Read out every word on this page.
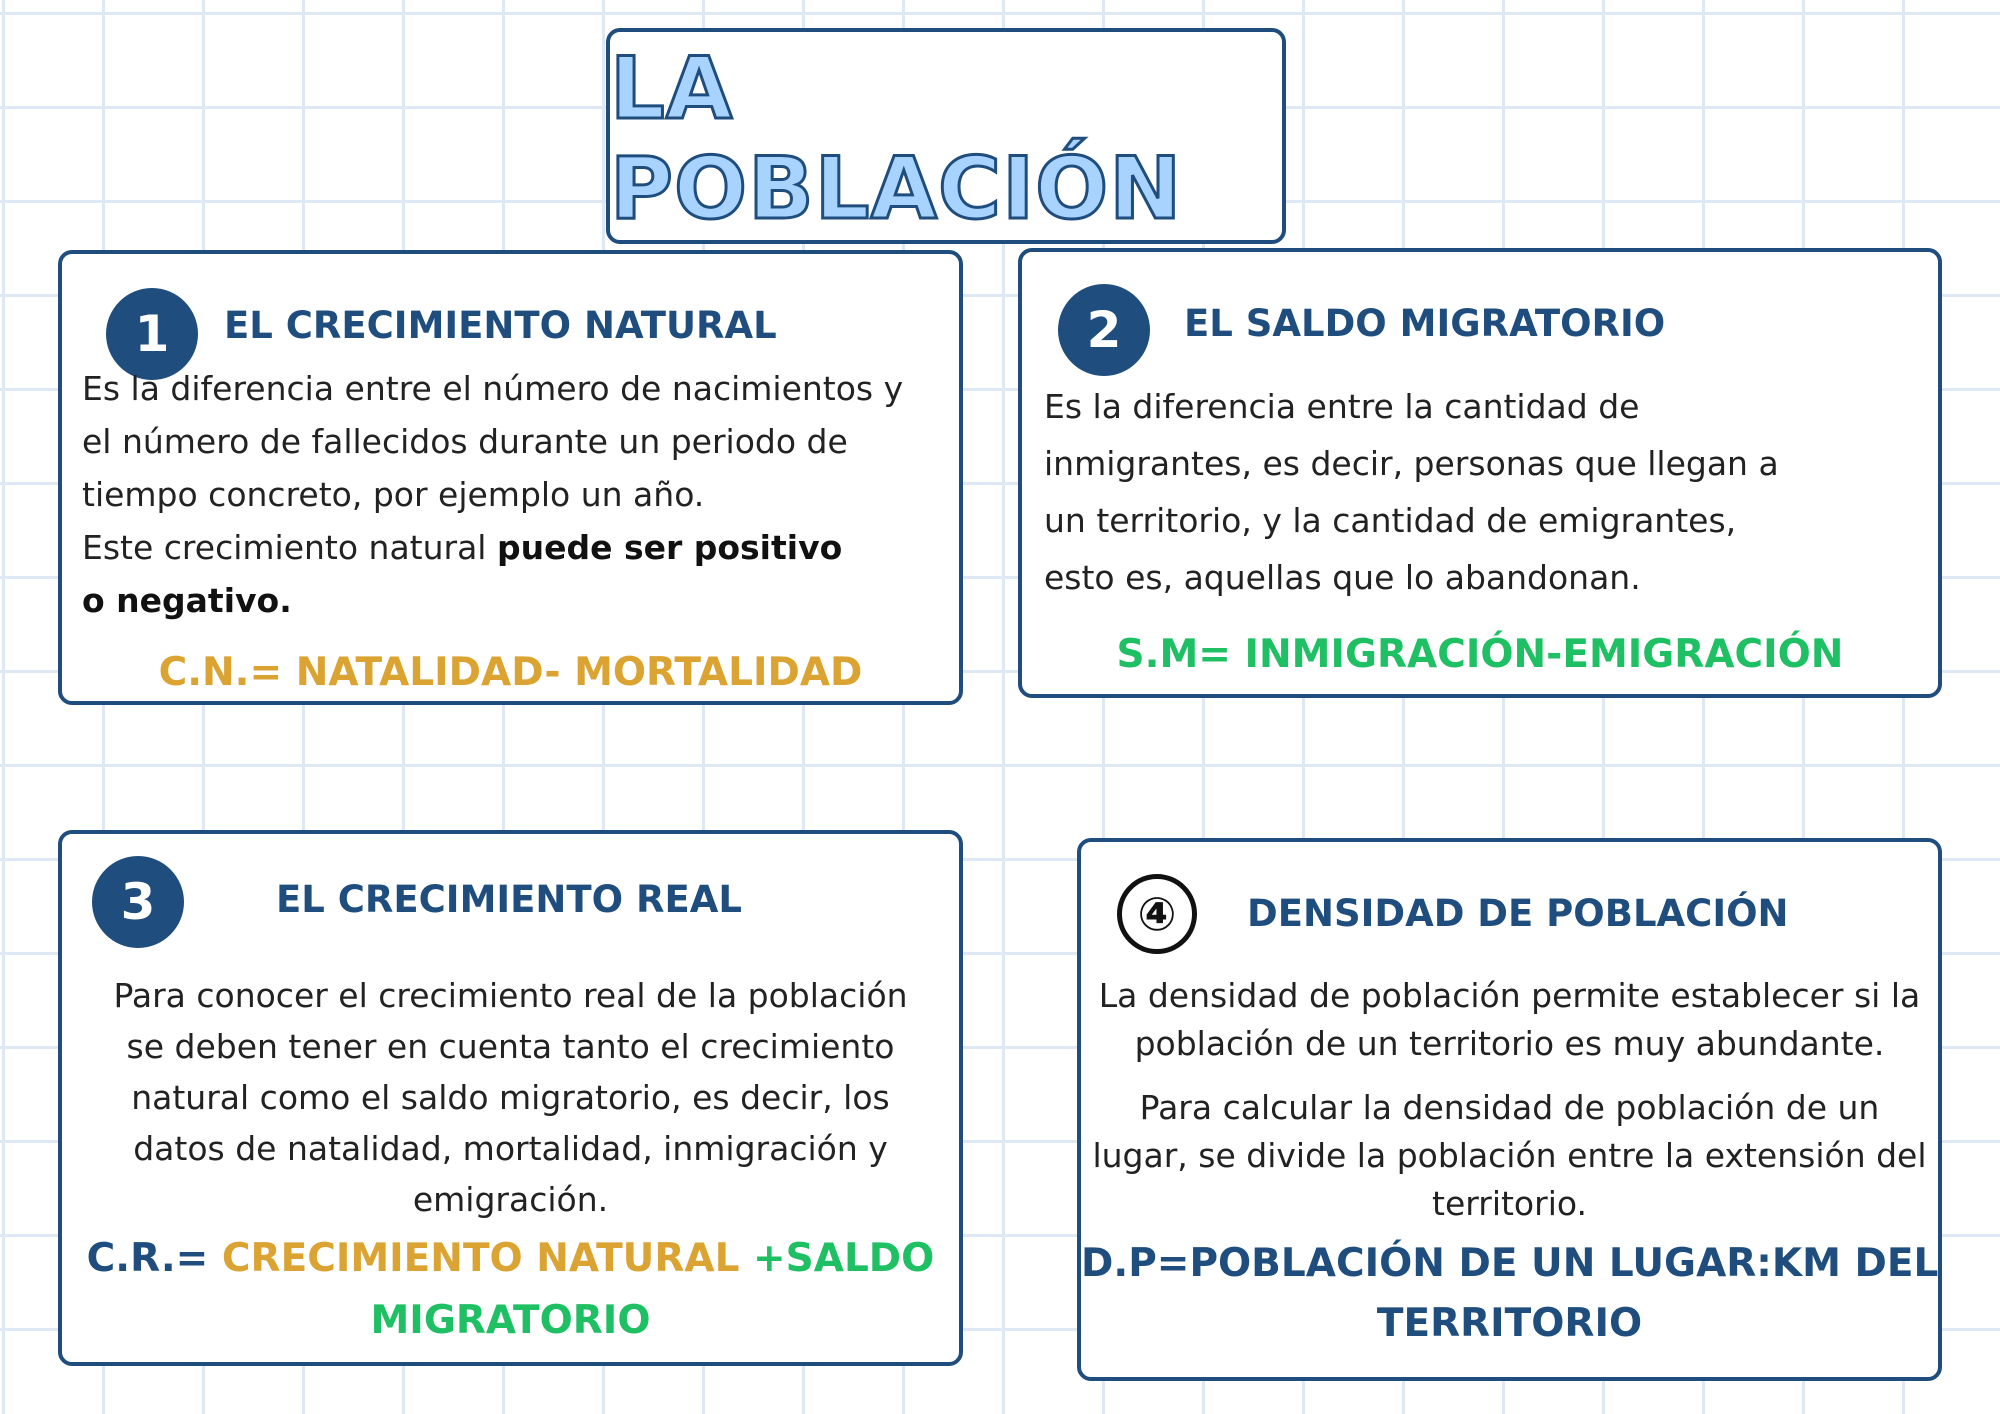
LA POBLACIÓN
1	EL CRECIMIENTO NATURAL
Es la diferencia entre el número de nacimientos y
el número de fallecidos durante un periodo de
tiempo concreto, por ejemplo un año.
Este crecimiento natural puede ser positivo
o negativo.
C.N.= NATALIDAD- MORTALIDAD
2	EL SALDO MIGRATORIO
Es la diferencia entre la cantidad de
inmigrantes, es decir, personas que llegan a
un territorio, y la cantidad de emigrantes,
esto es, aquellas que lo abandonan.
S.M= INMIGRACIÓN-EMIGRACIÓN
3	EL CRECIMIENTO REAL
Para conocer el crecimiento real de la población
se deben tener en cuenta tanto el crecimiento
natural como el saldo migratorio, es decir, los
datos de natalidad, mortalidad, inmigración y
emigración.
C.R.= CRECIMIENTO NATURAL +SALDO
MIGRATORIO
④	DENSIDAD DE POBLACIÓN
La densidad de población permite establecer si la
población de un territorio es muy abundante.
Para calcular la densidad de población de un
lugar, se divide la población entre la extensión del
territorio.
D.P=POBLACIÓN DE UN LUGAR:KM DEL
TERRITORIO
